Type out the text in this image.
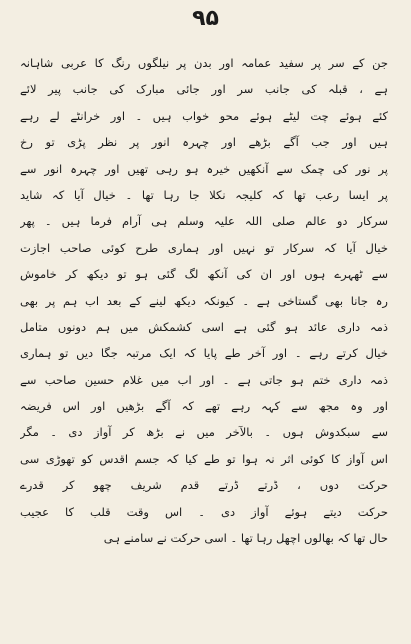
۹۵
جن کے سر پر سفید عمامہ اور بدن پر نیلگوں رنگ کا عربی شاہانہ
ہے ، قبلہ کی جانب سر اور جائی مبارک کی جانب پیر لائے
کئے ہوئے چت لیٹے ہوئے محو خواب ہیں ۔ اور خرانٹے لے رہے
ہیں اور جب آگے بڑھے اور چہرہ انور پر نظر پڑی تو رخ
پر نور کی چمک سے آنکھیں خیرہ ہو رہی تھیں اور چہرہ انور سے
پر ایسا رعب تھا کہ کلیجہ نکلا جا رہا تھا ۔ خیال آیا کہ شاید
سرکار دو عالم صلی اللہ علیہ وسلم ہی آرام فرما ہیں ۔ پھر
خیال آیا کہ سرکار تو نہیں اور ہماری طرح کوئی صاحب اجازت
سے ٹھہرے ہوں اور ان کی آنکھ لگ گئی ہو تو دیکھ کر خاموش
رہ جانا بھی گستاخی ہے ۔ کیونکہ دیکھ لینے کے بعد اب ہم پر بھی
ذمہ داری عائد ہو گئی ہے اسی کشمکش میں ہم دونوں متامل
خیال کرتے رہے ۔ اور آخر طے پایا کہ ایک مرتبہ جگا دیں تو ہماری
ذمہ داری ختم ہو جاتی ہے ۔ اور اب میں غلام حسین صاحب سے
اور وہ مجھ سے کہہ رہے تھے کہ آگے بڑھیں اور اس فریضہ
سے سبکدوش ہوں ۔ بالآخر میں نے بڑھ کر آواز دی ۔ مگر
اس آواز کا کوئی اثر نہ ہوا تو طے کیا کہ جسم اقدس کو تھوڑی سی
حرکت دوں ، ڈرتے ڈرتے قدم شریف چھو کر قدرے
حرکت دیتے ہوئے آواز دی ۔ اس وقت قلب کا عجیب
حال تھا کہ بھالوں اچھل رہا تھا ۔ اسی حرکت نے سامنے ہی
